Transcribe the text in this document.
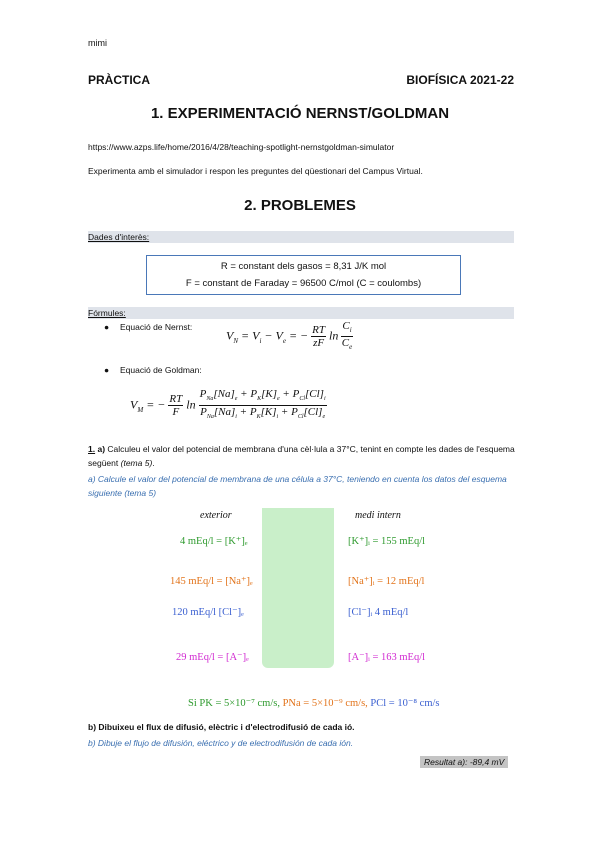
mimi
PRÀCTICA	BIOFÍSICA 2021-22
1. EXPERIMENTACIÓ NERNST/GOLDMAN
https://www.azps.life/home/2016/4/28/teaching-spotlight-nernstgoldman-simulator
Experimenta amb el simulador i respon les preguntes del qüestionari del Campus Virtual.
2. PROBLEMES
Dades d'interès:
R = constant dels gasos = 8,31 J/K mol
F = constant de Faraday = 96500 C/mol (C = coulombs)
Fórmules:
● Equació de Nernst:
$V_N = V_i - V_e$ = − $\frac{RT}{zF}$ $\ln \frac{C_i}{C_e}$
● Equació de Goldman:
$V_M$ = − $\frac{RT}{F}$ $\ln \frac{P_{Na}[Na]_e + P_K[K]_e + P_{Cl}[Cl]_i}{P_{Na}[Na]_i + P_K[K]_i + P_{Cl}[Cl]_e}$
1. a) Calculeu el valor del potencial de membrana d'una cèl·lula a 37°C, tenint en compte les dades de l'esquema següent (tema 5).
a) Calcule el valor del potencial de membrana de una célula a 37°C, teniendo en cuenta los datos del esquema siguiente (tema 5)
exterior	medi intern
4 mEq/l = [K⁺]ₑ	[K⁺]ᵢ = 155 mEq/l
145 mEq/l = [Na⁺]ₑ	[Na⁺]ᵢ = 12 mEq/l
120 mEq/l [Cl⁻]ₑ	[Cl⁻]ᵢ 4 mEq/l
29 mEq/l = [A⁻]ₑ	[A⁻]ᵢ = 163 mEq/l
Si PK = 5×10⁻⁷ cm/s, PNa = 5×10⁻⁹ cm/s, PCl = 10⁻⁸ cm/s
b) Dibuixeu el flux de difusió, elèctric i d'electrodifusió de cada ió.
b) Dibuje el flujo de difusión, eléctrico y de electrodifusión de cada ión.
Resultat a): -89,4 mV
